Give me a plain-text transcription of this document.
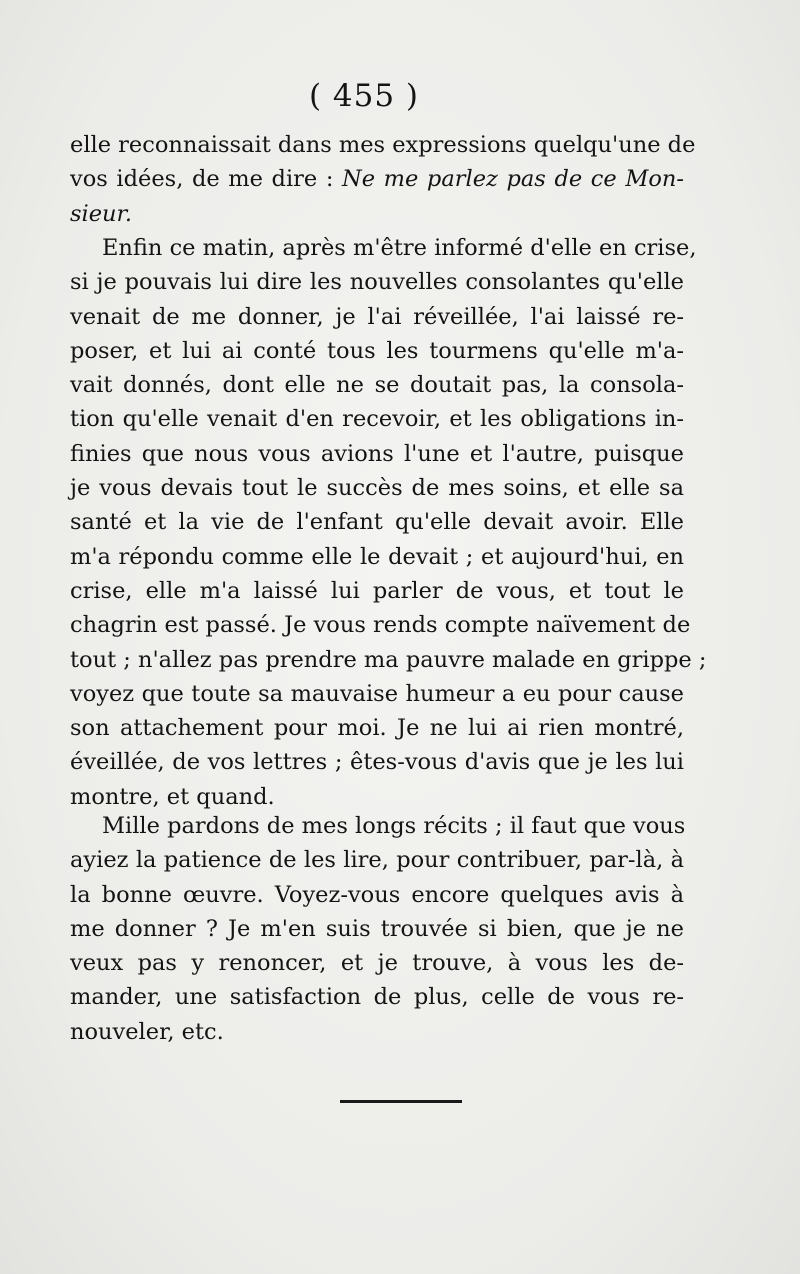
( 455 )
elle reconnaissait dans mes expressions quelqu'une de
vos idées, de me dire : Ne me parlez pas de ce Mon-
sieur.
Enfin ce matin, après m'être informé d'elle en crise,
si je pouvais lui dire les nouvelles consolantes qu'elle
venait de me donner, je l'ai réveillée, l'ai laissé re-
poser, et lui ai conté tous les tourmens qu'elle m'a-
vait donnés, dont elle ne se doutait pas, la consola-
tion qu'elle venait d'en recevoir, et les obligations in-
finies que nous vous avions l'une et l'autre, puisque
je vous devais tout le succès de mes soins, et elle sa
santé et la vie de l'enfant qu'elle devait avoir. Elle
m'a répondu comme elle le devait ; et aujourd'hui, en
crise, elle m'a laissé lui parler de vous, et tout le
chagrin est passé. Je vous rends compte naïvement de
tout ; n'allez pas prendre ma pauvre malade en grippe ;
voyez que toute sa mauvaise humeur a eu pour cause
son attachement pour moi. Je ne lui ai rien montré,
éveillée, de vos lettres ; êtes-vous d'avis que je les lui
montre, et quand.
Mille pardons de mes longs récits ; il faut que vous
ayiez la patience de les lire, pour contribuer, par-là, à
la bonne œuvre. Voyez-vous encore quelques avis à
me donner ? Je m'en suis trouvée si bien, que je ne
veux pas y renoncer, et je trouve, à vous les de-
mander, une satisfaction de plus, celle de vous re-
nouveler, etc.
